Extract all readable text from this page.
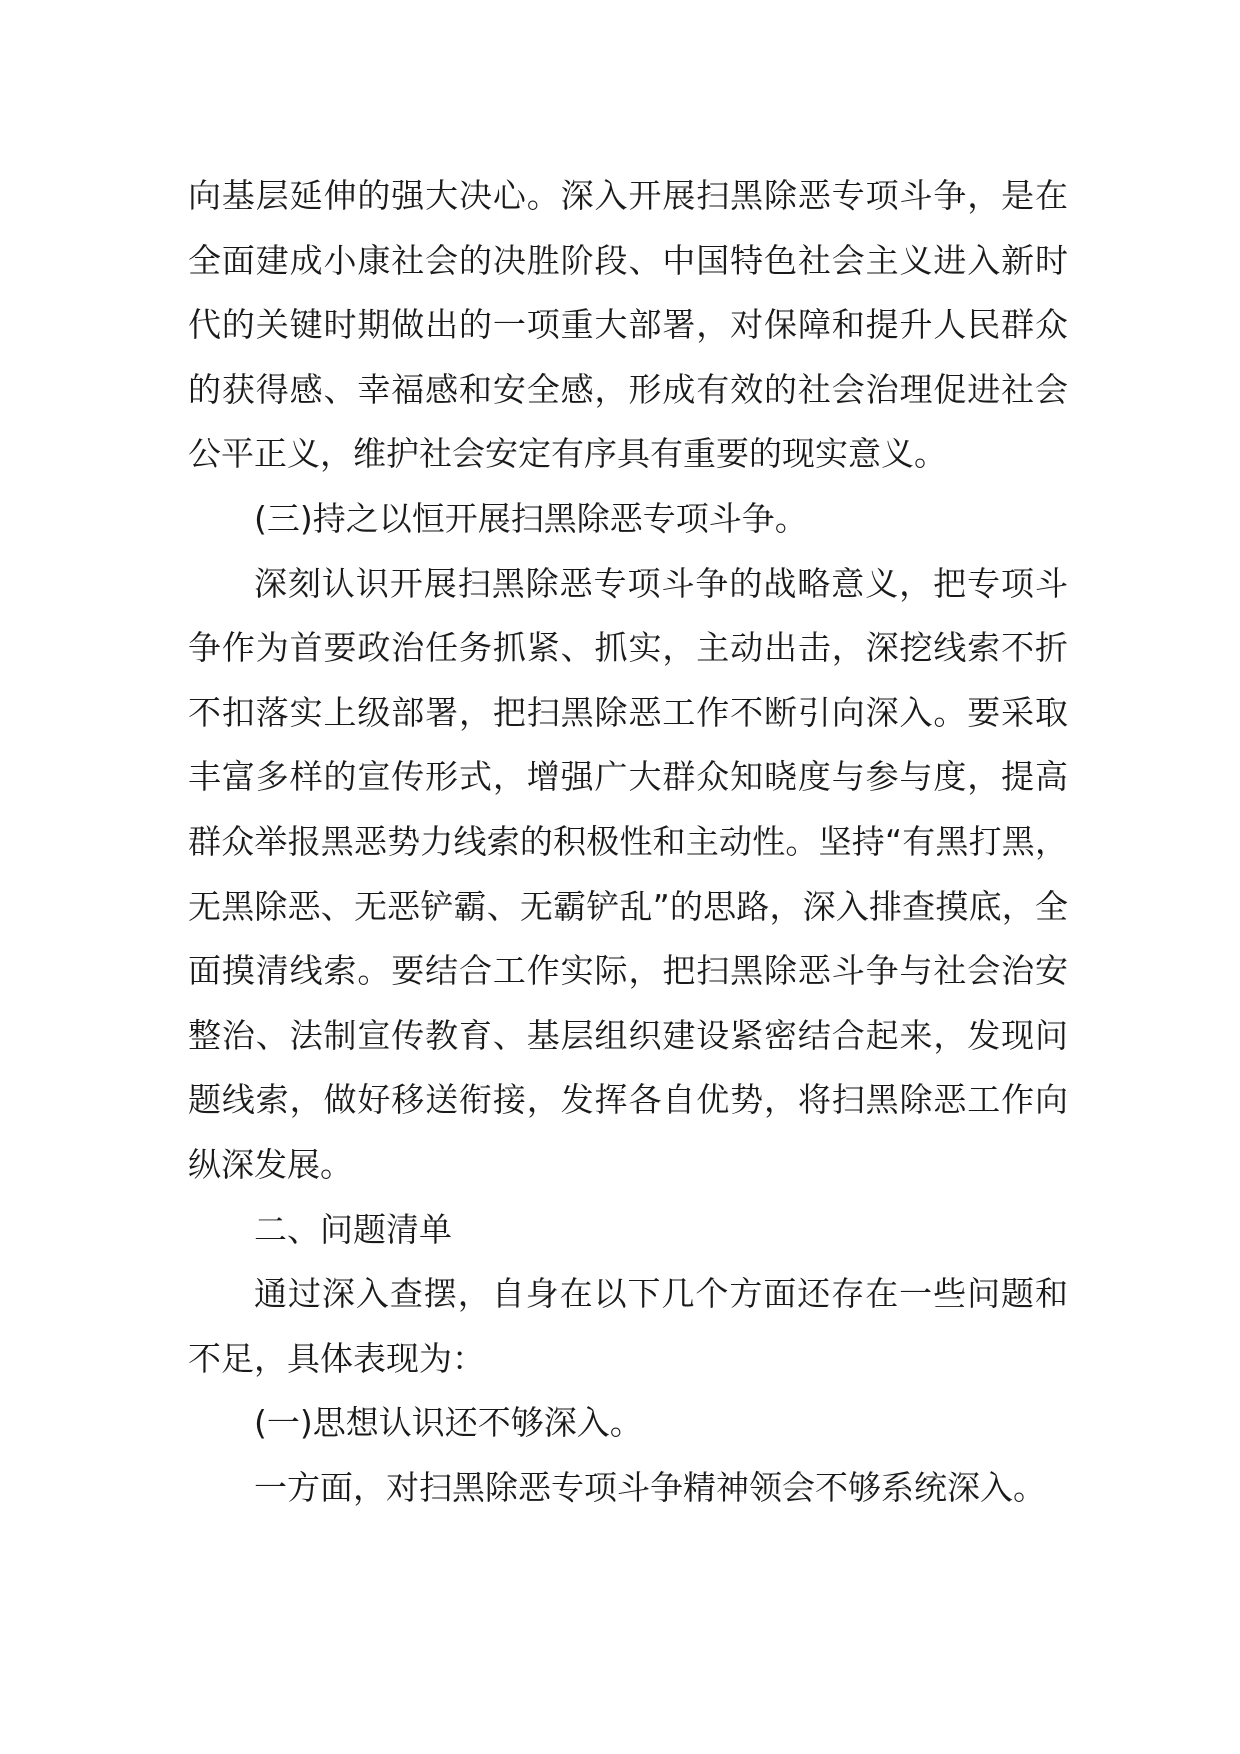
向基层延伸的强大决心。深入开展扫黑除恶专项斗争，是在全面建成小康社会的决胜阶段、中国特色社会主义进入新时代的关键时期做出的一项重大部署，对保障和提升人民群众的获得感、幸福感和安全感，形成有效的社会治理促进社会公平正义，维护社会安定有序具有重要的现实意义。

(三)持之以恒开展扫黑除恶专项斗争。

深刻认识开展扫黑除恶专项斗争的战略意义，把专项斗争作为首要政治任务抓紧、抓实，主动出击，深挖线索不折不扣落实上级部署，把扫黑除恶工作不断引向深入。要采取丰富多样的宣传形式，增强广大群众知晓度与参与度，提高群众举报黑恶势力线索的积极性和主动性。坚持“有黑打黑，无黑除恶、无恶铲霸、无霸铲乱”的思路，深入排查摸底，全面摸清线索。要结合工作实际，把扫黑除恶斗争与社会治安整治、法制宣传教育、基层组织建设紧密结合起来，发现问题线索，做好移送衔接，发挥各自优势，将扫黑除恶工作向纵深发展。

二、问题清单

通过深入查摆，自身在以下几个方面还存在一些问题和不足，具体表现为：

(一)思想认识还不够深入。

一方面，对扫黑除恶专项斗争精神领会不够系统深入。
